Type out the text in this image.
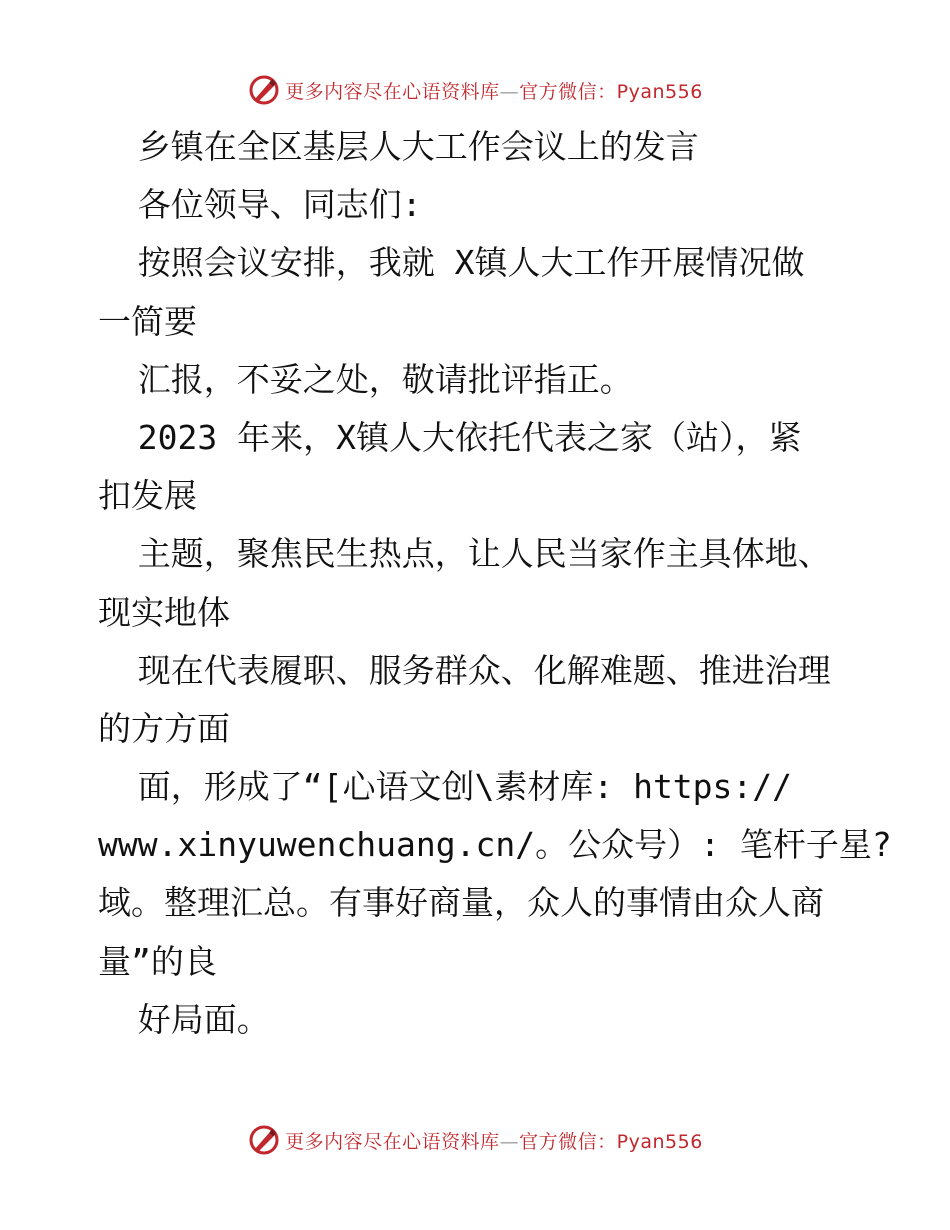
更多内容尽在心语资料库—官方微信：Pyan556
乡镇在全区基层人大工作会议上的发言
各位领导、同志们:
按照会议安排，我就 X镇人大工作开展情况做
一简要
汇报，不妥之处，敬请批评指正。
2023 年来，X镇人大依托代表之家（站），紧
扣发展
主题，聚焦民生热点，让人民当家作主具体地、
现实地体
现在代表履职、服务群众、化解难题、推进治理
的方方面
面，形成了“[心语文创\素材库: https://
www.xinyuwenchuang.cn/。公众号）: 笔杆子星?
域。整理汇总。有事好商量，众人的事情由众人商
量”的良
好局面。
更多内容尽在心语资料库—官方微信：Pyan556
